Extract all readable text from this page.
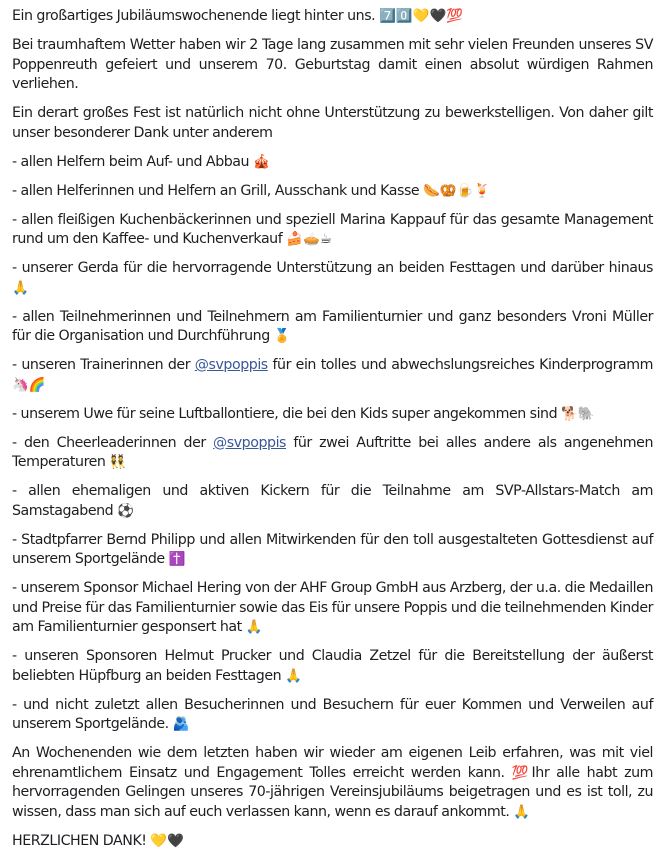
Ein großartiges Jubiläumswochenende liegt hinter uns. 7️⃣0️⃣💛🖤💯

Bei traumhaftem Wetter haben wir 2 Tage lang zusammen mit sehr vielen Freunden unseres SV Poppenreuth gefeiert und unserem 70. Geburtstag damit einen absolut würdigen Rahmen verliehen.

Ein derart großes Fest ist natürlich nicht ohne Unterstützung zu bewerkstelligen. Von daher gilt unser besonderer Dank unter anderem

- allen Helfern beim Auf- und Abbau 🎪

- allen Helferinnen und Helfern an Grill, Ausschank und Kasse 🌭🥨🍺🍹

- allen fleißigen Kuchenbäckerinnen und speziell Marina Kappauf für das gesamte Management rund um den Kaffee- und Kuchenverkauf 🍰🥧☕

- unserer Gerda für die hervorragende Unterstützung an beiden Festtagen und darüber hinaus 🙏

- allen Teilnehmerinnen und Teilnehmern am Familienturnier und ganz besonders Vroni Müller für die Organisation und Durchführung 🏅

- unseren Trainerinnen der @svpoppis für ein tolles und abwechslungsreiches Kinderprogramm 🦄🌈

- unserem Uwe für seine Luftballontiere, die bei den Kids super angekommen sind 🐕🐘

- den Cheerleaderinnen der @svpoppis für zwei Auftritte bei alles andere als angenehmen Temperaturen 👯

- allen ehemaligen und aktiven Kickern für die Teilnahme am SVP-Allstars-Match am Samstagabend ⚽

- Stadtpfarrer Bernd Philipp und allen Mitwirkenden für den toll ausgestalteten Gottesdienst auf unserem Sportgelände ✝️

- unserem Sponsor Michael Hering von der AHF Group GmbH aus Arzberg, der u.a. die Medaillen und Preise für das Familienturnier sowie das Eis für unsere Poppis und die teilnehmenden Kinder am Familienturnier gesponsert hat 🙏

- unseren Sponsoren Helmut Prucker und Claudia Zetzel für die Bereitstellung der äußerst beliebten Hüpfburg an beiden Festtagen 🙏

- und nicht zuletzt allen Besucherinnen und Besuchern für euer Kommen und Verweilen auf unserem Sportgelände. 🫂

An Wochenenden wie dem letzten haben wir wieder am eigenen Leib erfahren, was mit viel ehrenamtlichem Einsatz und Engagement Tolles erreicht werden kann. 💯Ihr alle habt zum hervorragenden Gelingen unseres 70-jährigen Vereinsjubiläums beigetragen und es ist toll, zu wissen, dass man sich auf euch verlassen kann, wenn es darauf ankommt. 🙏

HERZLICHEN DANK! 💛🖤
